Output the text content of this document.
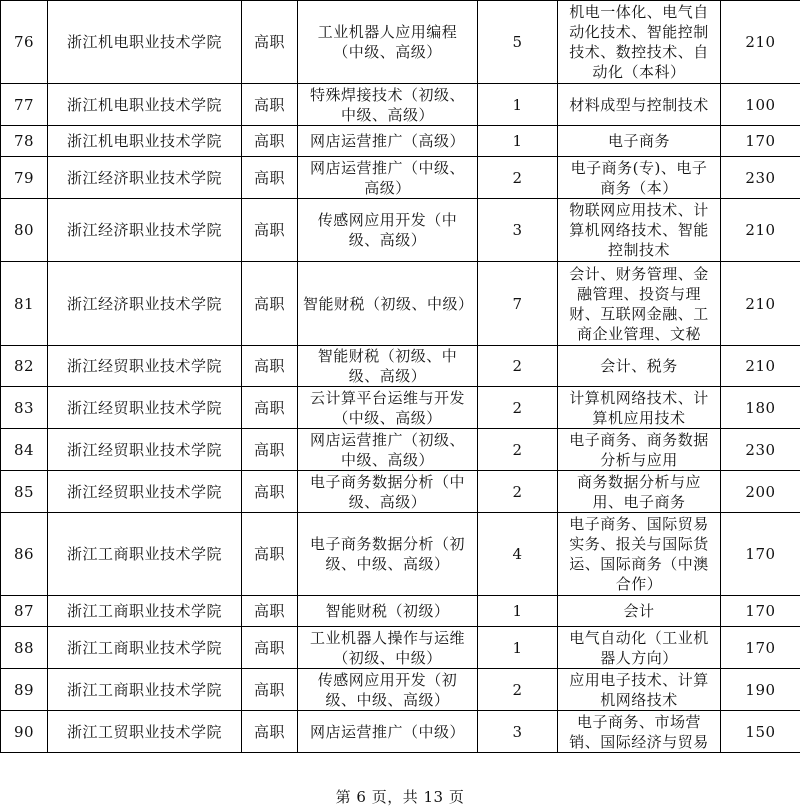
76	浙江机电职业技术学院	高职	工业机器人应用编程（中级、高级）	5	机电一体化、电气自动化技术、智能控制技术、数控技术、自动化（本科）	210
77	浙江机电职业技术学院	高职	特殊焊接技术（初级、中级、高级）	1	材料成型与控制技术	100
78	浙江机电职业技术学院	高职	网店运营推广（高级）	1	电子商务	170
79	浙江经济职业技术学院	高职	网店运营推广（中级、高级）	2	电子商务(专)、电子商务（本）	230
80	浙江经济职业技术学院	高职	传感网应用开发（中级、高级）	3	物联网应用技术、计算机网络技术、智能控制技术	210
81	浙江经济职业技术学院	高职	智能财税（初级、中级）	7	会计、财务管理、金融管理、投资与理财、互联网金融、工商企业管理、文秘	210
82	浙江经贸职业技术学院	高职	智能财税（初级、中级、高级）	2	会计、税务	210
83	浙江经贸职业技术学院	高职	云计算平台运维与开发（中级、高级）	2	计算机网络技术、计算机应用技术	180
84	浙江经贸职业技术学院	高职	网店运营推广（初级、中级、高级）	2	电子商务、商务数据分析与应用	230
85	浙江经贸职业技术学院	高职	电子商务数据分析（中级、高级）	2	商务数据分析与应用、电子商务	200
86	浙江工商职业技术学院	高职	电子商务数据分析（初级、中级、高级）	4	电子商务、国际贸易实务、报关与国际货运、国际商务（中澳合作）	170
87	浙江工商职业技术学院	高职	智能财税（初级）	1	会计	170
88	浙江工商职业技术学院	高职	工业机器人操作与运维（初级、中级）	1	电气自动化（工业机器人方向）	170
89	浙江工商职业技术学院	高职	传感网应用开发（初级、中级、高级）	2	应用电子技术、计算机网络技术	190
90	浙江工贸职业技术学院	高职	网店运营推广（中级）	3	电子商务、市场营销、国际经济与贸易	150
第 6 页，共 13 页
